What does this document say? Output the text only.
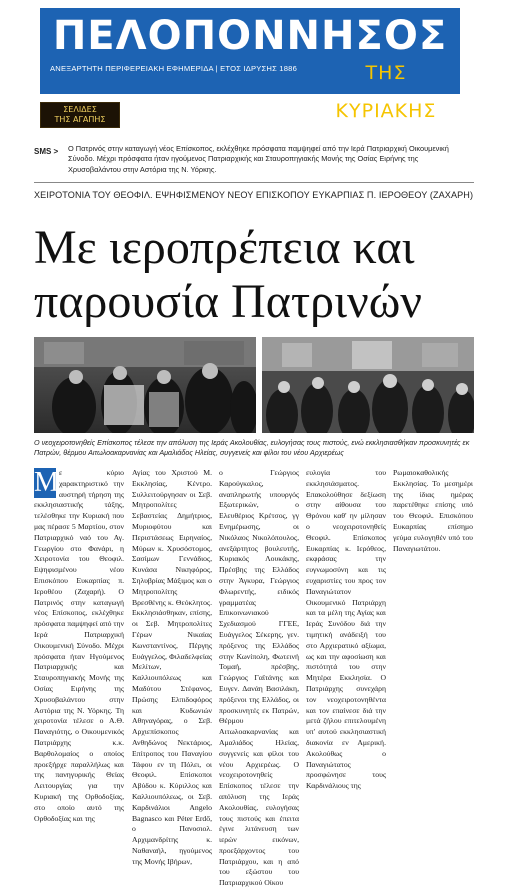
ΠΕΛΟΠΟΝΝΗΣΟΣ
ΑΝΕΞΑΡΤΗΤΗ ΠΕΡΙΦΕΡΕΙΑΚΗ ΕΦΗΜΕΡΙΔΑ | ΕΤΟΣ ΙΔΡΥΣΗΣ 1886	ΤΗΣ ΚΥΡΙΑΚΗΣ
ΣΕΛΙΔΕΣ
ΤΗΣ ΑΓΑΠΗΣ
SMS > Ο Πατρινός στην καταγωγή νέος Επίσκοπος, εκλέχθηκε πρόσφατα παμψηφεί από την Ιερά Πατριαρχική Οικουμενική Σύνοδο. Μέχρι πρόσφατα ήταν ηγούμενος Πατριαρχικής και Σταυροπηγιακής Μονής της Οσίας Ειρήνης της Χρυσοβαλάντου στην Αστόρια της Ν. Υόρκης.
ΧΕΙΡΟΤΟΝΙΑ ΤΟΥ ΘΕΟΦΙΛ. ΕΨΗΦΙΣΜΕΝΟΥ ΝΕΟΥ ΕΠΙΣΚΟΠΟΥ ΕΥΚΑΡΠΙΑΣ Π. ΙΕΡΟΘΕΟΥ (ΖΑΧΑΡΗ)
Με ιεροπρέπεια και
παρουσία Πατρινών
Ο νεοχειροτονηθείς Επίσκοπος τέλεσε την απόλυση της Ιεράς Ακολουθίας, ευλογήσας τους πιστούς, ενώ εκκλησιασθήκαν προσκυνητές εκ Πατρών, θέρμου Αιτωλοακαρνανίας και Αμαλιάδος Ηλείας, συγγενείς και φίλοι του νέου Αρχιερέως
Μ ε κύριο χαρακτηριστικό την αυστηρή τήρηση της εκκλησιαστικής τάξης, τελέσθηκε την Κυριακή που μας πέρασε 5 Μαρτίου, στον Πατριαρχικό ναό του Αγ. Γεωργίου στο Φανάρι, η Χειροτονία του Θεοφιλ. Εψηφισμένου νέου Επισκόπου Ευκαρπίας π. Ιεροθέου (Ζαχαρή). Ο Πατρινός στην καταγωγή νέος Επίσκοπος, εκλέχθηκε πρόσφατα παμψηφεί από την Ιερά Πατριαρχική Οικουμενική Σύνοδο. Μέχρι πρόσφατα ήταν Ηγούμενος Πατριαρχικής και Σταυροπηγιακής Μονής της Οσίας Ειρήνης της Χρυσοβαλάντου στην Αστόρια της Ν. Υόρκης. Τη χειροτονία τέλεσε ο Α.Θ. Παναγιότης, ο Οικουμενικός Πατριάρχης κ.κ. Βαρθολομαίος ο οποίος προεξήρχε παραλλήλως και της πανηγυρικής Θείας Λειτουργίας για την Κυριακή της Ορθοδοξίας, στο οποίο αυτό της Ορθοδοξίας και της

Αγίας του Χριστού Μ. Εκκλησίας, Κέντρο. Συλλειτούργησαν οι Σεβ. Μητροπολίτες Σεβαστείας Δημήτριος, Μυριοφύτου και Περιστάσεως Ειρηναίος, Μύρων κ. Χρυσόστομος, Σασίμων Γεννάδιος, Κυνάσα Νικηφόρος, Σηλυβρίας Μάξιμος και ο Μητροπολίτης Βρεσθένης κ. Θεόκλητος. Εκκλησιάσθηκαν, επίσης, οι Σεβ. Μητροπολίτες Γέρων Νικαίας Κωνσταντίνος, Πέργης Ευάγγελος, Φιλαδελφείας Μελίτων, Καλλιουπόλεως και Μαδύτου Στέφανος, Πρώσης Ελπιδοφόρος και Κυδωνιών Αθηναγόρας, ο Σεβ. Αρχιεπίσκοπος Ανθηδώνος Νεκτάριος, Επίτροπος του Παναγίου Τάφου εν τη Πόλει, οι Θεοφιλ. Επίσκοποι Αβύδου κ. Κύριλλος και Καλλιουπόλεως, οι Σεβ. Καρδινάλιοι Angelo Bagnasco και Péter Erdő, ο Πανοσιολ. Αρχιμανδρίτης κ. Ναθαναήλ, ηγούμενος της Μονής Ιβήρων,

ο Γεώργιος Καρούγκαλος, αναπληρωτής υπουργός Εξωτερικών, ο Ελευθέριος Κρέτσος, γγ Ενημέρωσης, οι Νικόλαος Νικολόπουλος, ανεξάρτητος βουλευτής, Κυριακός Λουκάκης, Πρέσβης της Ελλάδος στην Άγκυρα, Γεώργιος Φλωρεντής, ειδικός γραμματέας Επικοινωνιακού Σχεδιασμού ΓΓΕΕ, Ευάγγελος Σέκερης, γεν. πρόξενος της Ελλάδος στην Κωνίπολη, Φωτεινή Τομαή, πρέσβης, Γεώργιος Γαϊτάνης και Ευγεν. Δανάη Βασιλάκη, πρόξενοι της Ελλάδος, οι προσκυνητές εκ Πατρών, Θέρμου Αιτωλοακαρνανίας και Αμαλιάδος Ηλείας, συγγενείς και φίλοι του νέου Αρχιερέως. Ο νεοχειροτονηθείς Επίσκοπος τέλεσε την απόλυση της Ιεράς Ακολουθίας, ευλογήσας τους πιστούς και έπειτα έγινε λιτάνευση των ιερών εικόνων, προεξάρχοντος του Πατριάρχου, και η από του εξώστου του Πατριαρχικού Οίκου

ευλογία του εκκλησιάσματος. Επακολούθησε δεξίωση στην αίθουσα του Θρόνου καθ' ην μίλησαν ο νεοχειροτονηθείς Θεοφιλ. Επίσκοπος Ευκαρπίας κ. Ιερόθεος, εκφράσας την ευγνωμοσύνη και τις ευχαριστίες του προς τον Παναγιώτατον Οικουμενικό Πατριάρχη και τα μέλη της Αγίας και Ιεράς Συνόδου διά την τιμητική ανάδειξή του στο Αρχιερατικό αξίωμα, ως και την αφοσίωση και πιστότητά του στην Μητέρα Εκκλησία. Ο Πατριάρχης συνεχάρη τον νεοχειροτονηθέντα και τον επαίνεσε διά την μετά ζήλου επιτελουμένη υπ' αυτού εκκλησιαστική διακονία εν Αμερική. Ακολούθως ο Παναγιώτατος προσφώνησε τους Καρδινάλιους της

Ρωμαιοκαθολικής Εκκλησίας. Το μεσημέρι της ίδιας ημέρας παρετέθηκε επίσης υπό του Θεοφιλ. Επισκόπου Ευκαρπίας επίσημο γεύμα ευλογηθέν υπό του Παναγιωτάτου.
